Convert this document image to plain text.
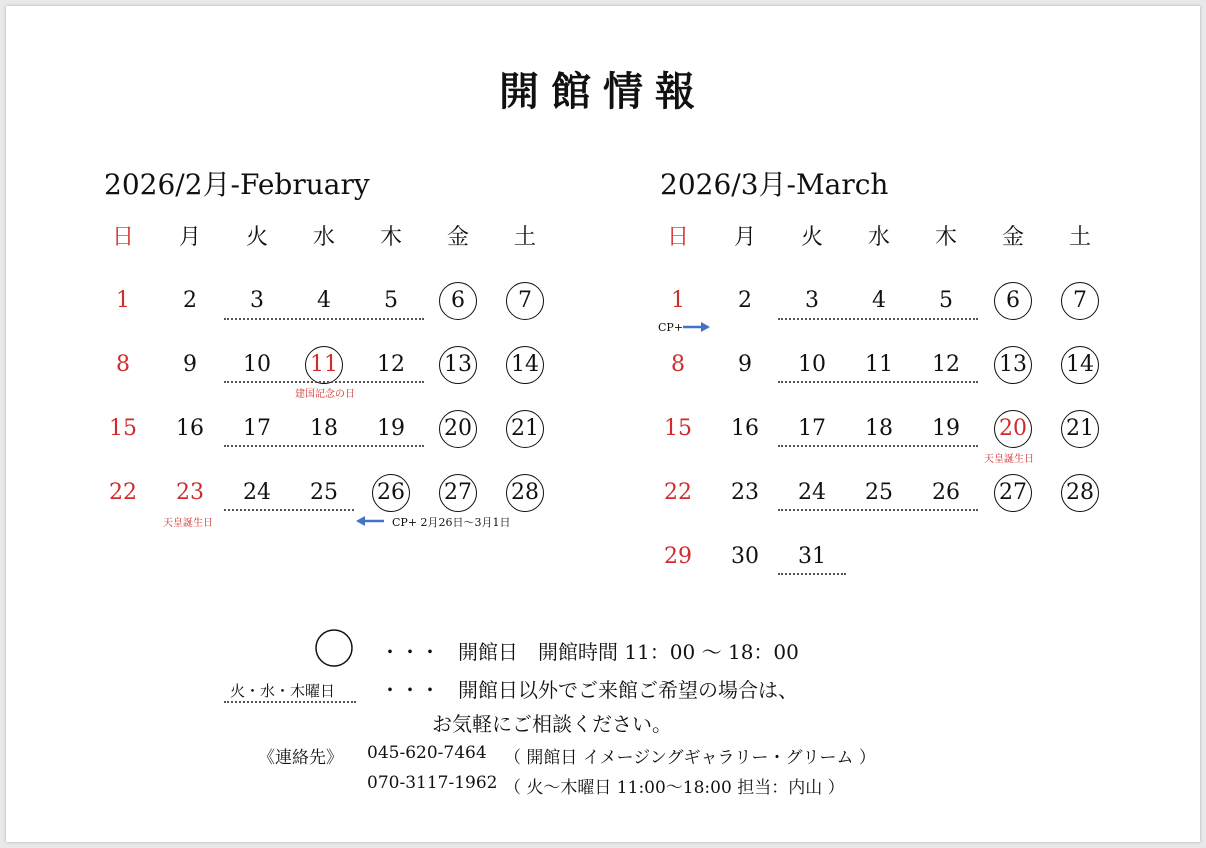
開館情報
2026/2月-February
日	月	火	水	木	金	土
1	2	3	4	5	6	7
8	9	10	11	12	13	14
15	16	17	18	19	20	21
22	23	24	25	26	27	28
2026/3月-March
日	月	火	水	木	金	土
1	2	3	4	5	6	7
8	9	10	11	12	13	14
15	16	17	18	19	20	21
22	23	24	25	26	27	28
29	30	31
建国記念の日
天皇誕生日	CP+ 2月26日〜3月1日
CP+
天皇誕生日
・・・ 開館日　開館時間 11：00 〜 18：00
火・水・木曜日 ・・・ 開館日以外でご来館ご希望の場合は、
お気軽にご相談ください。
《連絡先》 045-620-7464 （ 開館日 イメージングギャラリー・グリーム ）
070-3117-1962 （ 火〜木曜日 11:00〜18:00 担当：内山 ）
